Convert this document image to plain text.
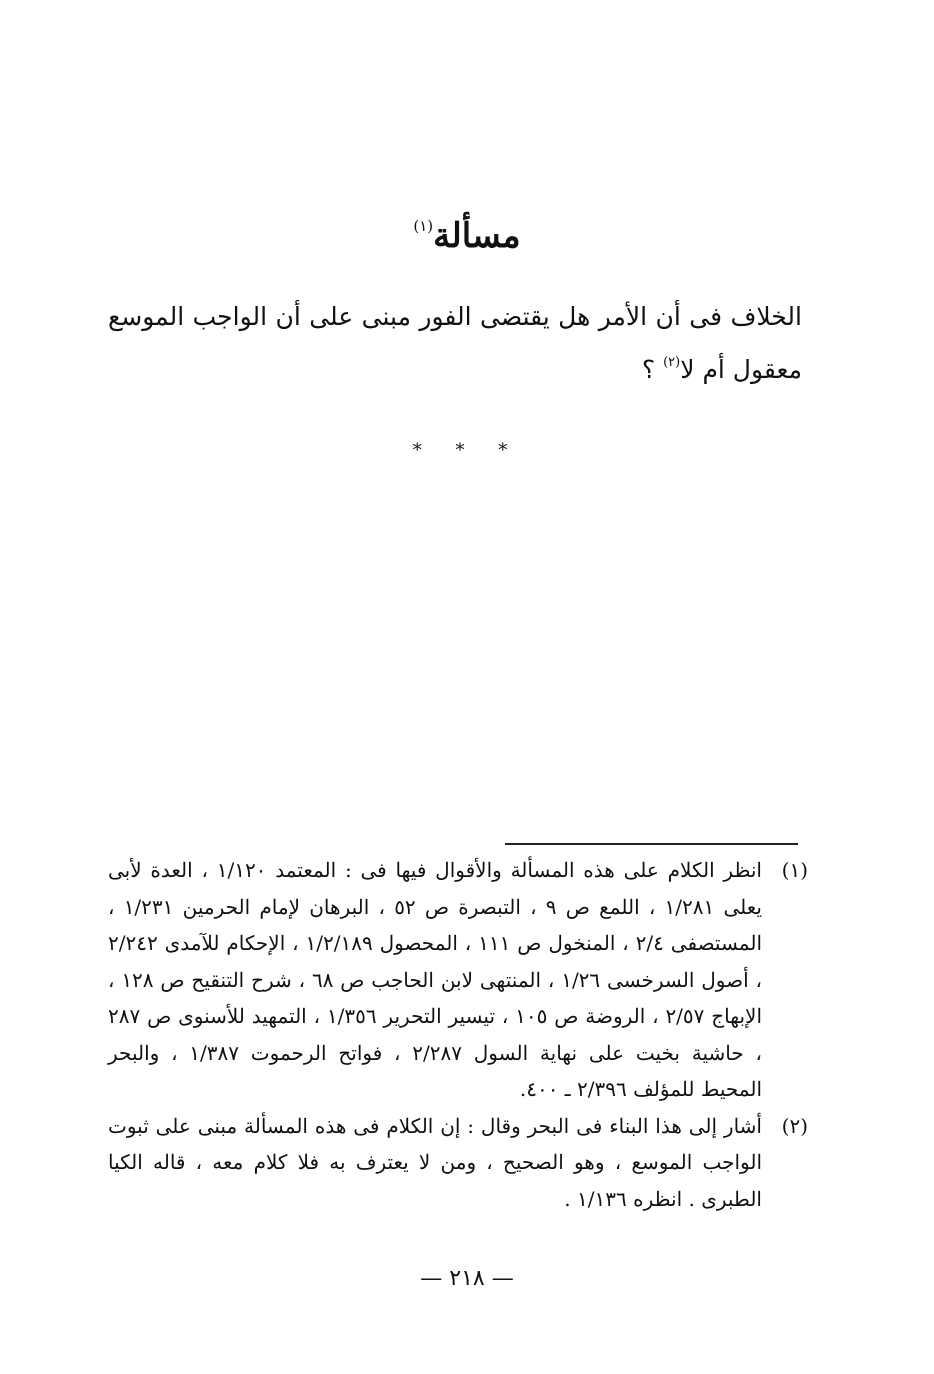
مسألة$^{(١)}$
الخلاف فى أن الأمر هل يقتضى الفور مبنى على أن الواجب الموسع معقول أم لا$^{(٢)}$ ؟
* * *
(١)
انظر الكلام على هذه المسألة والأقوال فيها فى : المعتمد ١/١٢٠ ، العدة لأبى يعلى ١/٢٨١ ، اللمع ص ٩ ، التبصرة ص ٥٢ ، البرهان لإمام الحرمين ١/٢٣١ ، المستصفى ٢/٤ ، المنخول ص ١١١ ، المحصول ١/٢/١٨٩ ، الإحكام للآمدى ٢/٢٤٢ ، أصول السرخسى ١/٢٦ ، المنتهى لابن الحاجب ص ٦٨ ، شرح التنقيح ص ١٢٨ ، الإبهاج ٢/٥٧ ، الروضة ص ١٠٥ ، تيسير التحرير ١/٣٥٦ ، التمهيد للأسنوى ص ٢٨٧ ، حاشية بخيت على نهاية السول ٢/٢٨٧ ، فواتح الرحموت ١/٣٨٧ ، والبحر المحيط للمؤلف ٢/٣٩٦ ـ ٤٠٠.
(٢)
أشار إلى هذا البناء فى البحر وقال : إن الكلام فى هذه المسألة مبنى على ثبوت الواجب الموسع ، وهو الصحيح ، ومن لا يعترف به فلا كلام معه ، قاله الكيا الطبرى . انظره ١/١٣٦ .
— ٢١٨ —
